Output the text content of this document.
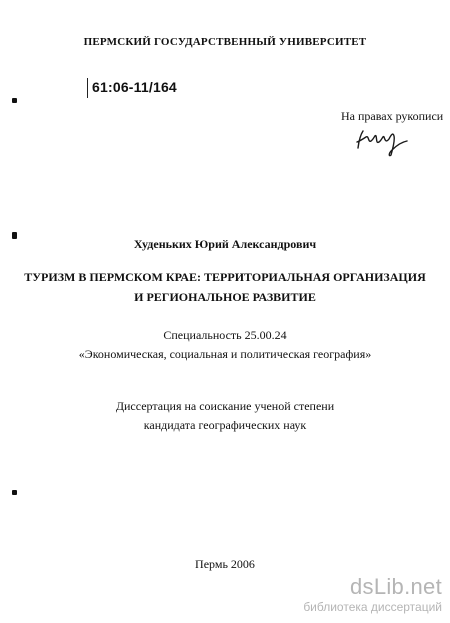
ПЕРМСКИЙ ГОСУДАРСТВЕННЫЙ УНИВЕРСИТЕТ
61:06-11/164
На правах рукописи
Худеньких Юрий Александрович
ТУРИЗМ В ПЕРМСКОМ КРАЕ: ТЕРРИТОРИАЛЬНАЯ ОРГАНИЗАЦИЯ
И РЕГИОНАЛЬНОЕ РАЗВИТИЕ
Специальность 25.00.24
«Экономическая, социальная и политическая география»
Диссертация на соискание ученой степени
кандидата географических наук
Пермь 2006
dsLib.net
библиотека диссертаций
